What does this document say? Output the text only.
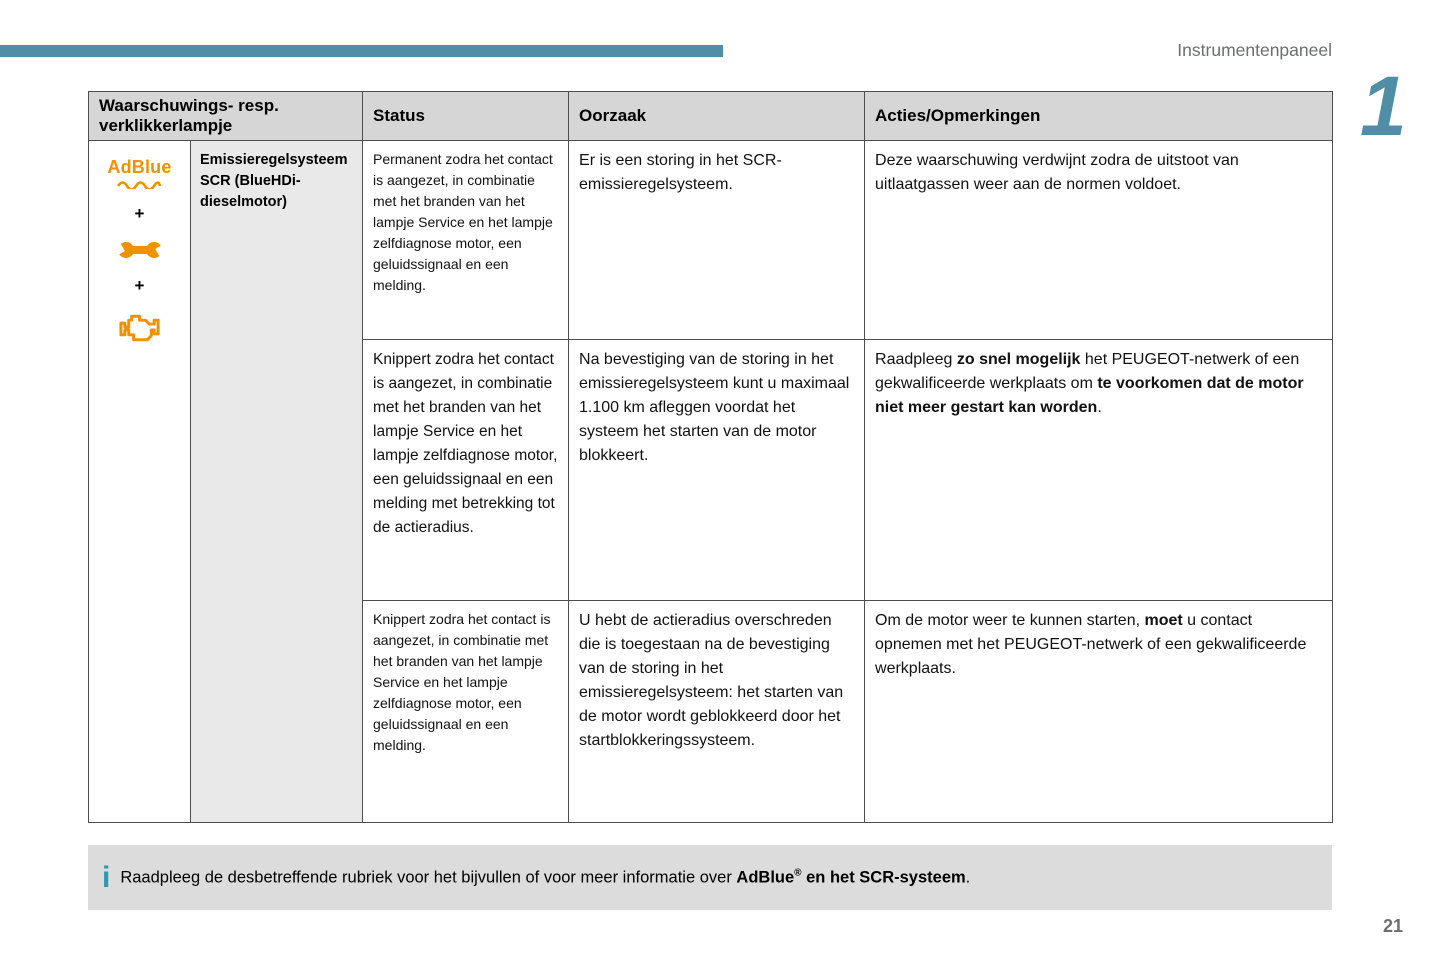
Instrumentenpaneel
1
Waarschuwings- resp. verklikkerlampje		Status	Oorzaak	Acties/Opmerkingen

AdBlue
+
+	Emissieregelsysteem SCR (BlueHDi-dieselmotor)	Permanent zodra het contact is aangezet, in combinatie met het branden van het lampje Service en het lampje zelfdiagnose motor, een geluidssignaal en een melding.	Er is een storing in het SCR-emissieregelsysteem.	Deze waarschuwing verdwijnt zodra de uitstoot van uitlaatgassen weer aan de normen voldoet.
		Knippert zodra het contact is aangezet, in combinatie met het branden van het lampje Service en het lampje zelfdiagnose motor, een geluidssignaal en een melding met betrekking tot de actieradius.	Na bevestiging van de storing in het emissieregelsysteem kunt u maximaal 1.100 km afleggen voordat het systeem het starten van de motor blokkeert.	Raadpleeg zo snel mogelijk het PEUGEOT-netwerk of een gekwalificeerde werkplaats om te voorkomen dat de motor niet meer gestart kan worden.
		Knippert zodra het contact is aangezet, in combinatie met het branden van het lampje Service en het lampje zelfdiagnose motor, een geluidssignaal en een melding.	U hebt de actieradius overschreden die is toegestaan na de bevestiging van de storing in het emissieregelsysteem: het starten van de motor wordt geblokkeerd door het startblokkeringssysteem.	Om de motor weer te kunnen starten, moet u contact opnemen met het PEUGEOT-netwerk of een gekwalificeerde werkplaats.
i Raadpleeg de desbetreffende rubriek voor het bijvullen of voor meer informatie over AdBlue® en het SCR-systeem.
21
